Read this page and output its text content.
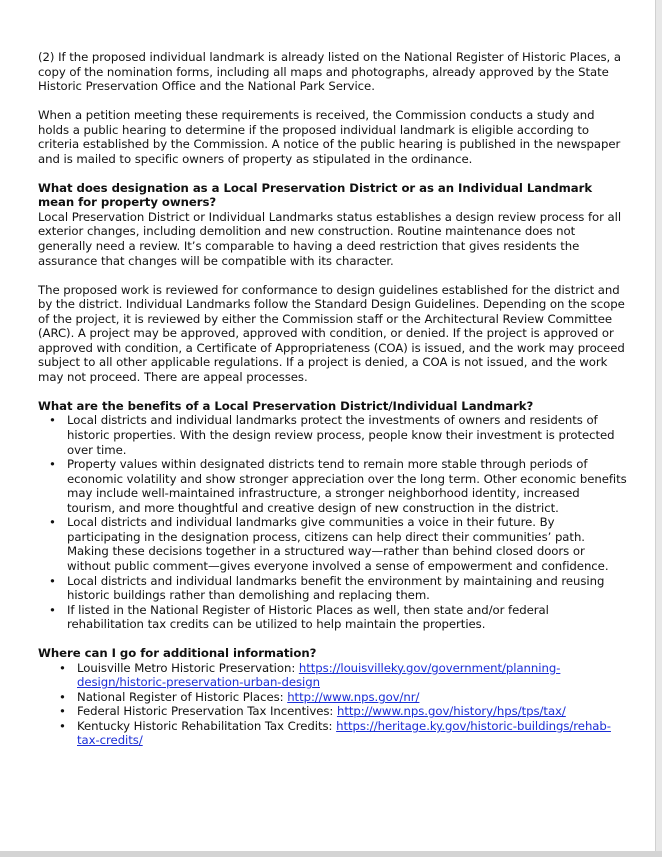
(2) If the proposed individual landmark is already listed on the National Register of Historic Places, a copy of the nomination forms, including all maps and photographs, already approved by the State Historic Preservation Office and the National Park Service.

When a petition meeting these requirements is received, the Commission conducts a study and holds a public hearing to determine if the proposed individual landmark is eligible according to criteria established by the Commission. A notice of the public hearing is published in the newspaper and is mailed to specific owners of property as stipulated in the ordinance.

What does designation as a Local Preservation District or as an Individual Landmark mean for property owners?

Local Preservation District or Individual Landmarks status establishes a design review process for all exterior changes, including demolition and new construction. Routine maintenance does not generally need a review. It’s comparable to having a deed restriction that gives residents the assurance that changes will be compatible with its character.

The proposed work is reviewed for conformance to design guidelines established for the district and by the district. Individual Landmarks follow the Standard Design Guidelines. Depending on the scope of the project, it is reviewed by either the Commission staff or the Architectural Review Committee (ARC). A project may be approved, approved with condition, or denied. If the project is approved or approved with condition, a Certificate of Appropriateness (COA) is issued, and the work may proceed subject to all other applicable regulations. If a project is denied, a COA is not issued, and the work may not proceed. There are appeal processes.

What are the benefits of a Local Preservation District/Individual Landmark?

• Local districts and individual landmarks protect the investments of owners and residents of historic properties. With the design review process, people know their investment is protected over time.
• Property values within designated districts tend to remain more stable through periods of economic volatility and show stronger appreciation over the long term. Other economic benefits may include well-maintained infrastructure, a stronger neighborhood identity, increased tourism, and more thoughtful and creative design of new construction in the district.
• Local districts and individual landmarks give communities a voice in their future. By participating in the designation process, citizens can help direct their communities’ path. Making these decisions together in a structured way—rather than behind closed doors or without public comment—gives everyone involved a sense of empowerment and confidence.
• Local districts and individual landmarks benefit the environment by maintaining and reusing historic buildings rather than demolishing and replacing them.
• If listed in the National Register of Historic Places as well, then state and/or federal rehabilitation tax credits can be utilized to help maintain the properties.

Where can I go for additional information?

• Louisville Metro Historic Preservation: https://louisvilleky.gov/government/planning-design/historic-preservation-urban-design
• National Register of Historic Places: http://www.nps.gov/nr/
• Federal Historic Preservation Tax Incentives: http://www.nps.gov/history/hps/tps/tax/
• Kentucky Historic Rehabilitation Tax Credits: https://heritage.ky.gov/historic-buildings/rehab-tax-credits/
